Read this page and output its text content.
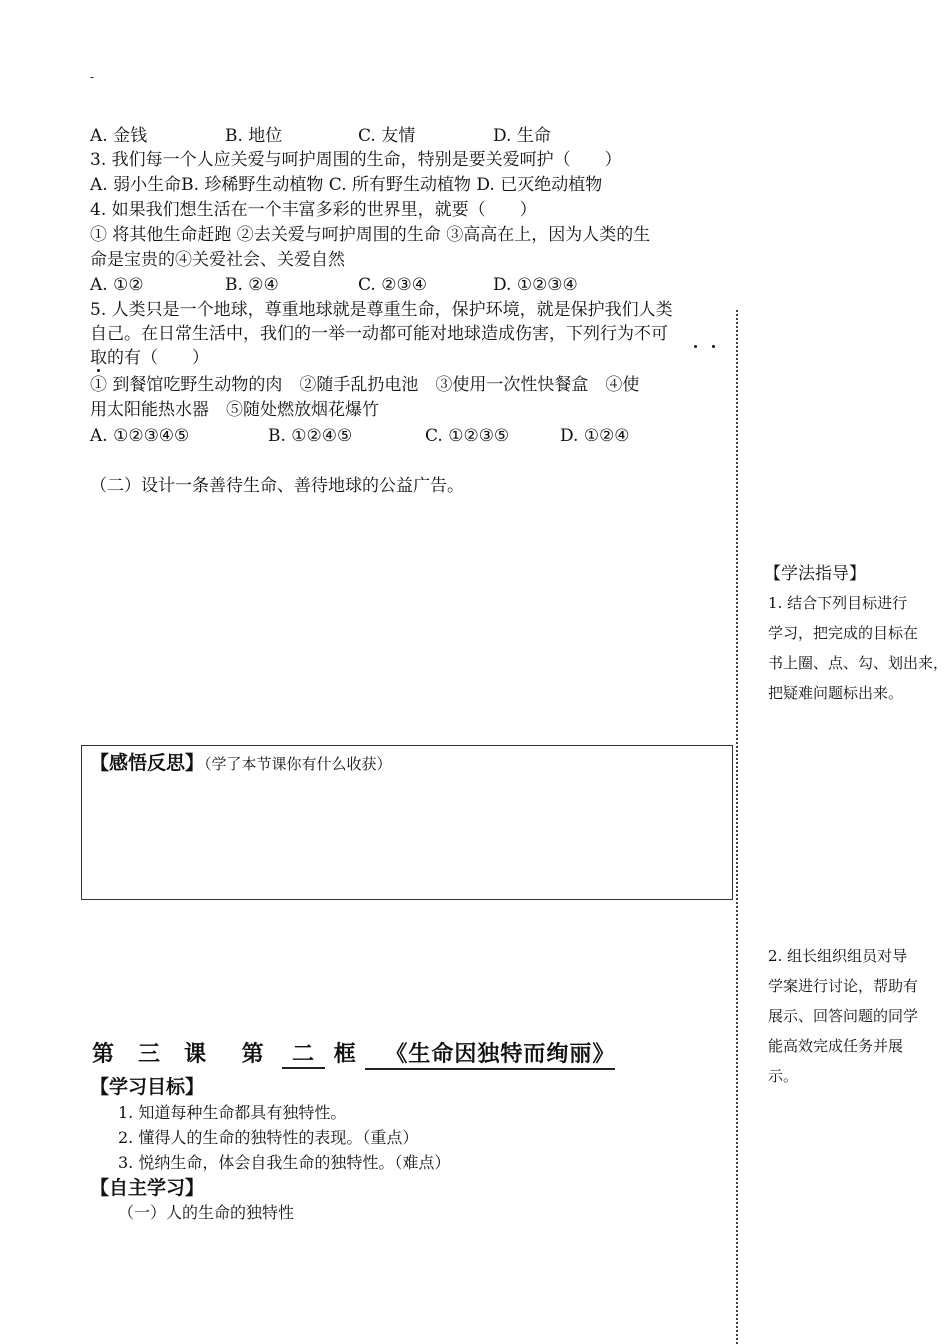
-
A. 金钱	B. 地位	C. 友情	D. 生命
3. 我们每一个人应关爱与呵护周围的生命，特别是要关爱呵护（　　）
A. 弱小生命B. 珍稀野生动植物 C. 所有野生动植物 D. 已灭绝动植物
4. 如果我们想生活在一个丰富多彩的世界里，就要（　　）
① 将其他生命赶跑 ②去关爱与呵护周围的生命 ③高高在上，因为人类的生
命是宝贵的④关爱社会、关爱自然
A. ①②	B. ②④	C. ②③④	D. ①②③④
5. 人类只是一个地球，尊重地球就是尊重生命，保护环境，就是保护我们人类
自己。在日常生活中，我们的一举一动都可能对地球造成伤害，下列行为不可
取的有（　　）
① 到餐馆吃野生动物的肉　②随手乱扔电池　③使用一次性快餐盒　④使
用太阳能热水器　⑤随处燃放烟花爆竹
A. ①②③④⑤	B. ①②④⑤	C. ①②③⑤	D. ①②④
（二）设计一条善待生命、善待地球的公益广告。
【学法指导】
1. 结合下列目标进行
学习，把完成的目标在
书上圈、点、勾、划出来，
把疑难问题标出来。
2. 组长组织组员对导
学案进行讨论，帮助有
展示、回答问题的同学
能高效完成任务并展
示。
【感悟反思】（学了本节课你有什么收获）
第　三　课 第 二 框 《生命因独特而绚丽》
【学习目标】
1. 知道每种生命都具有独特性。
2. 懂得人的生命的独特性的表现。（重点）
3. 悦纳生命，体会自我生命的独特性。（难点）
【自主学习】
（一）人的生命的独特性
